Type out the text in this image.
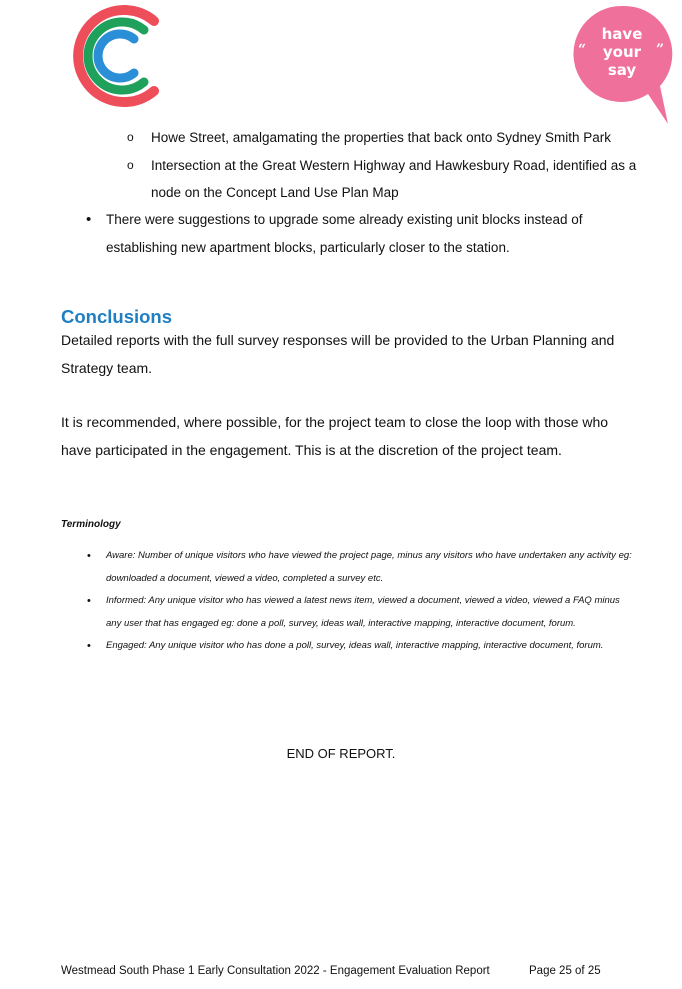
have
your
say
“	”
o Howe Street, amalgamating the properties that back onto Sydney Smith Park
o Intersection at the Great Western Highway and Hawkesbury Road, identified as a node on the Concept Land Use Plan Map
• There were suggestions to upgrade some already existing unit blocks instead of establishing new apartment blocks, particularly closer to the station.
Conclusions

Detailed reports with the full survey responses will be provided to the Urban Planning and Strategy team.

It is recommended, where possible, for the project team to close the loop with those who have participated in the engagement. This is at the discretion of the project team.

Terminology

• Aware: Number of unique visitors who have viewed the project page, minus any visitors who have undertaken any activity eg: downloaded a document, viewed a video, completed a survey etc.
• Informed: Any unique visitor who has viewed a latest news item, viewed a document, viewed a video, viewed a FAQ minus any user that has engaged eg: done a poll, survey, ideas wall, interactive mapping, interactive document, forum.
• Engaged: Any unique visitor who has done a poll, survey, ideas wall, interactive mapping, interactive document, forum.

END OF REPORT.

Westmead South Phase 1 Early Consultation 2022 - Engagement Evaluation Report	Page 25 of 25
